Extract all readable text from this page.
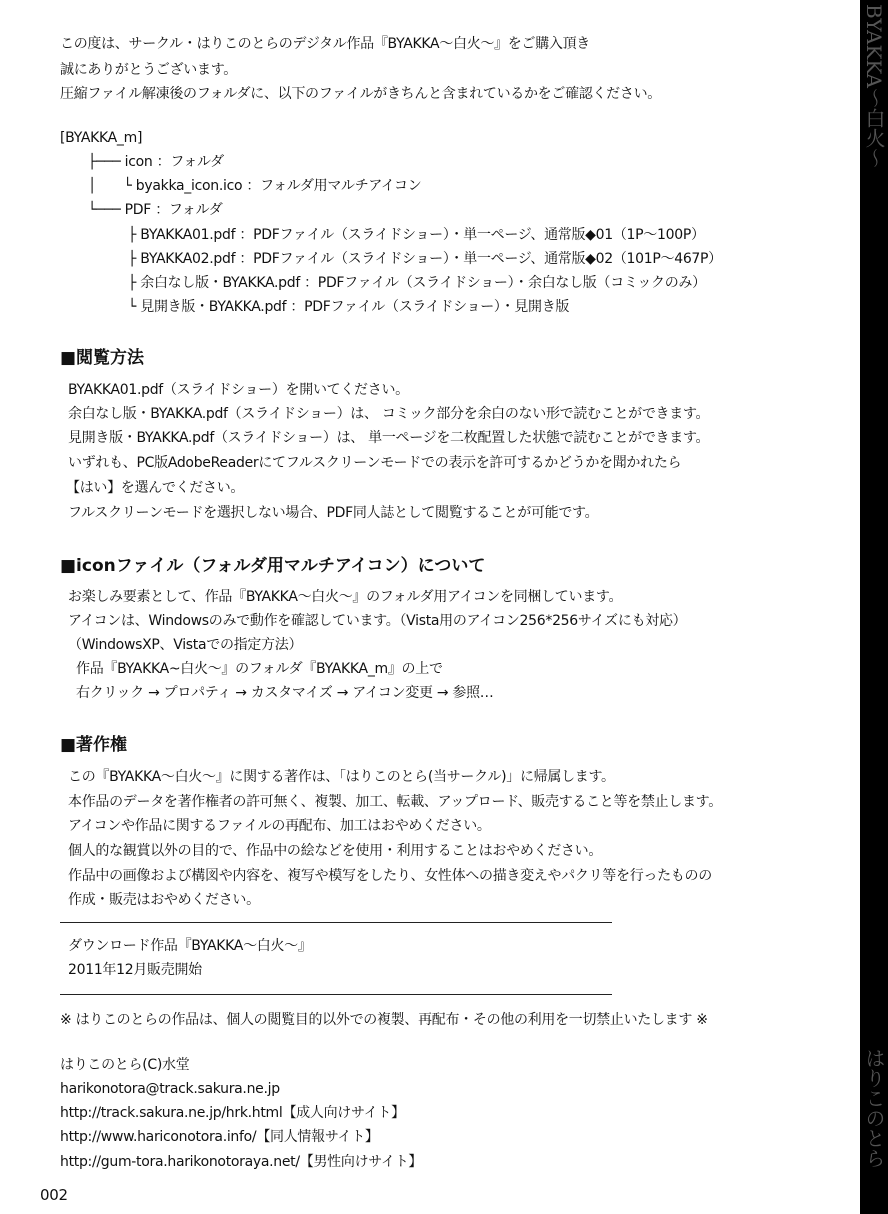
この度は、サークル・はりこのとらのデジタル作品『BYAKKA～白火～』をご購入頂き
誠にありがとうございます。
圧縮ファイル解凍後のフォルダに、以下のファイルがきちんと含まれているかをご確認ください。
[BYAKKA_m]
├─── icon ：フォルダ
│　　└ byakka_icon.ico ：フォルダ用マルチアイコン
└─── PDF ：フォルダ
├ BYAKKA01.pdf ：PDFファイル（スライドショー）・単一ページ、通常版◆01（1P～100P）
├ BYAKKA02.pdf ：PDFファイル（スライドショー）・単一ページ、通常版◆02（101P～467P）
├ 余白なし版・BYAKKA.pdf ：PDFファイル（スライドショー）・余白なし版（コミックのみ）
└ 見開き版・BYAKKA.pdf ：PDFファイル（スライドショー）・見開き版
■閲覧方法
BYAKKA01.pdf（スライドショー）を開いてください。
余白なし版・BYAKKA.pdf（スライドショー）は、 コミック部分を余白のない形で読むことができます。
見開き版・BYAKKA.pdf（スライドショー）は、 単一ページを二枚配置した状態で読むことができます。
いずれも、PC版AdobeReaderにてフルスクリーンモードでの表示を許可するかどうかを聞かれたら
【はい】を選んでください。
フルスクリーンモードを選択しない場合、PDF同人誌として閲覧することが可能です。
■iconファイル（フォルダ用マルチアイコン）について
お楽しみ要素として、作品『BYAKKA～白火～』のフォルダ用アイコンを同梱しています。
アイコンは、Windowsのみで動作を確認しています。（Vista用のアイコン256*256サイズにも対応）
（WindowsXP、Vistaでの指定方法）
作品『BYAKKA~白火～』のフォルダ『BYAKKA_m』の上で
右クリック → プロパティ → カスタマイズ → アイコン変更 → 参照…
■著作権
この『BYAKKA～白火～』に関する著作は、「はりこのとら(当サークル)」に帰属します。
本作品のデータを著作権者の許可無く、複製、加工、転載、アップロード、販売すること等を禁止します。
アイコンや作品に関するファイルの再配布、加工はおやめください。
個人的な観賞以外の目的で、作品中の絵などを使用・利用することはおやめください。
作品中の画像および構図や内容を、複写や模写をしたり、女性体への描き変えやパクリ等を行ったものの
作成・販売はおやめください。
ダウンロード作品『BYAKKA～白火～』
2011年12月販売開始
※ はりこのとらの作品は、個人の閲覧目的以外での複製、再配布・その他の利用を一切禁止いたします ※
はりこのとら(C)水堂
harikonotora@track.sakura.ne.jp
http://track.sakura.ne.jp/hrk.html【成人向けサイト】
http://www.hariconotora.info/【同人情報サイト】
http://gum-tora.harikonotoraya.net/【男性向けサイト】
002
BYAKKA～白火～
はりこのとら
